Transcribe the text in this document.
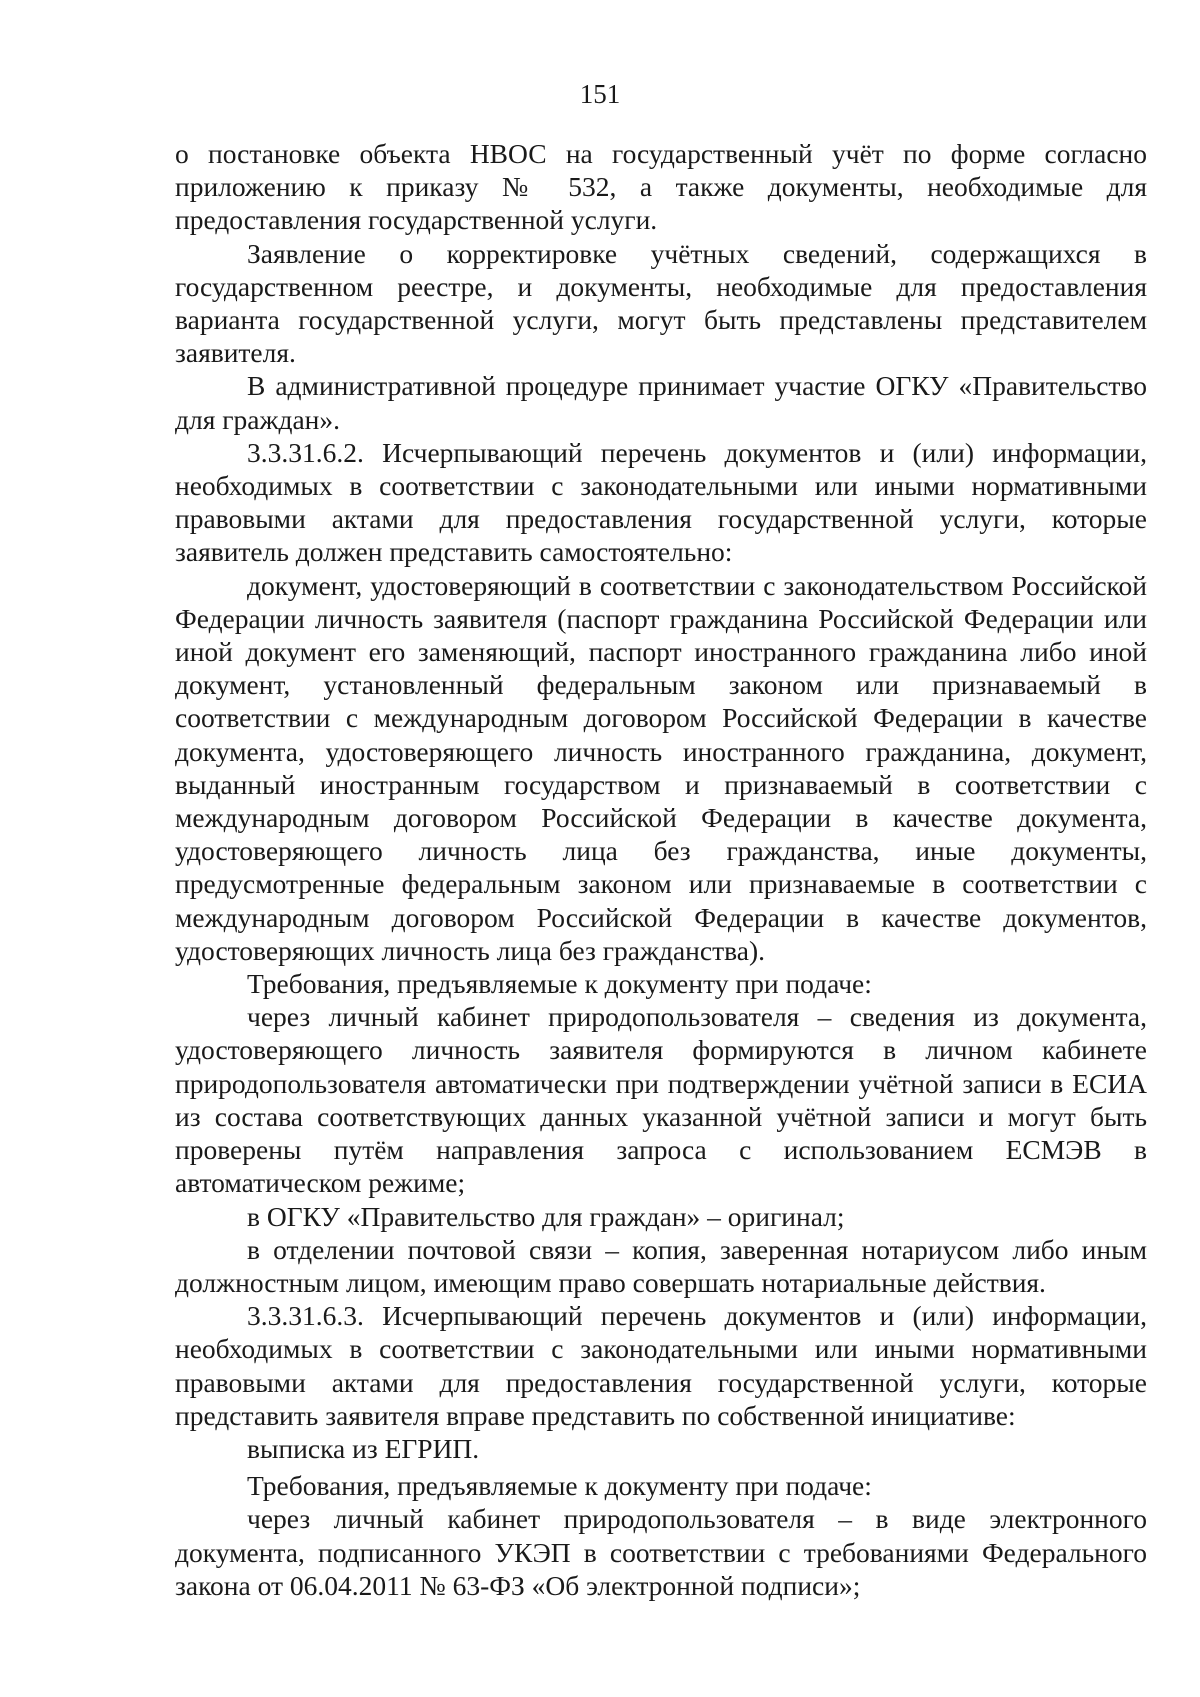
151

о постановке объекта НВОС на государственный учёт по форме согласно приложению к приказу № 532, а также документы, необходимые для предоставления государственной услуги.

Заявление о корректировке учётных сведений, содержащихся в государственном реестре, и документы, необходимые для предоставления варианта государственной услуги, могут быть представлены представителем заявителя.

В административной процедуре принимает участие ОГКУ «Правительство для граждан».

3.3.31.6.2. Исчерпывающий перечень документов и (или) информации, необходимых в соответствии с законодательными или иными нормативными правовыми актами для предоставления государственной услуги, которые заявитель должен представить самостоятельно:

документ, удостоверяющий в соответствии с законодательством Российской Федерации личность заявителя (паспорт гражданина Российской Федерации или иной документ его заменяющий, паспорт иностранного гражданина либо иной документ, установленный федеральным законом или признаваемый в соответствии с международным договором Российской Федерации в качестве документа, удостоверяющего личность иностранного гражданина, документ, выданный иностранным государством и признаваемый в соответствии с международным договором Российской Федерации в качестве документа, удостоверяющего личность лица без гражданства, иные документы, предусмотренные федеральным законом или признаваемые в соответствии с международным договором Российской Федерации в качестве документов, удостоверяющих личность лица без гражданства).

Требования, предъявляемые к документу при подаче:

через личный кабинет природопользователя – сведения из документа, удостоверяющего личность заявителя формируются в личном кабинете природопользователя автоматически при подтверждении учётной записи в ЕСИА из состава соответствующих данных указанной учётной записи и могут быть проверены путём направления запроса с использованием ЕСМЭВ в автоматическом режиме;

в ОГКУ «Правительство для граждан» – оригинал;

в отделении почтовой связи – копия, заверенная нотариусом либо иным должностным лицом, имеющим право совершать нотариальные действия.

3.3.31.6.3. Исчерпывающий перечень документов и (или) информации, необходимых в соответствии с законодательными или иными нормативными правовыми актами для предоставления государственной услуги, которые представить заявителя вправе представить по собственной инициативе:

выписка из ЕГРИП.

Требования, предъявляемые к документу при подаче:

через личный кабинет природопользователя – в виде электронного документа, подписанного УКЭП в соответствии с требованиями Федерального закона от 06.04.2011 № 63-ФЗ «Об электронной подписи»;
